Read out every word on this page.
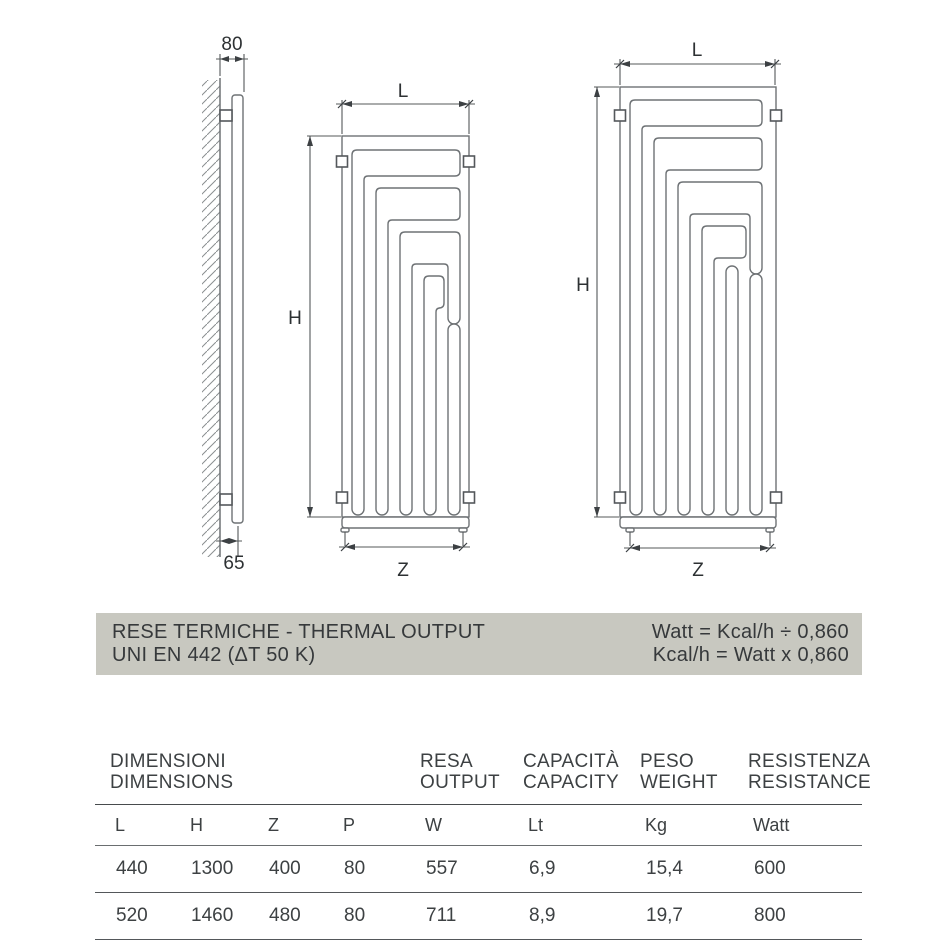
80
65
L
H
Z
L
H
Z
RESE TERMICHE - THERMAL OUTPUT
UNI EN 442 (ΔT 50 K)
Watt = Kcal/h ÷ 0,860
Kcal/h = Watt x 0,860
DIMENSIONI
DIMENSIONS
RESA
OUTPUT
CAPACITÀ
CAPACITY
PESO
WEIGHT
RESISTENZA
RESISTANCE
L	H	Z	P	W	Lt	Kg	Watt
440	1300	400	80	557	6,9	15,4	600
520	1460	480	80	711	8,9	19,7	800
